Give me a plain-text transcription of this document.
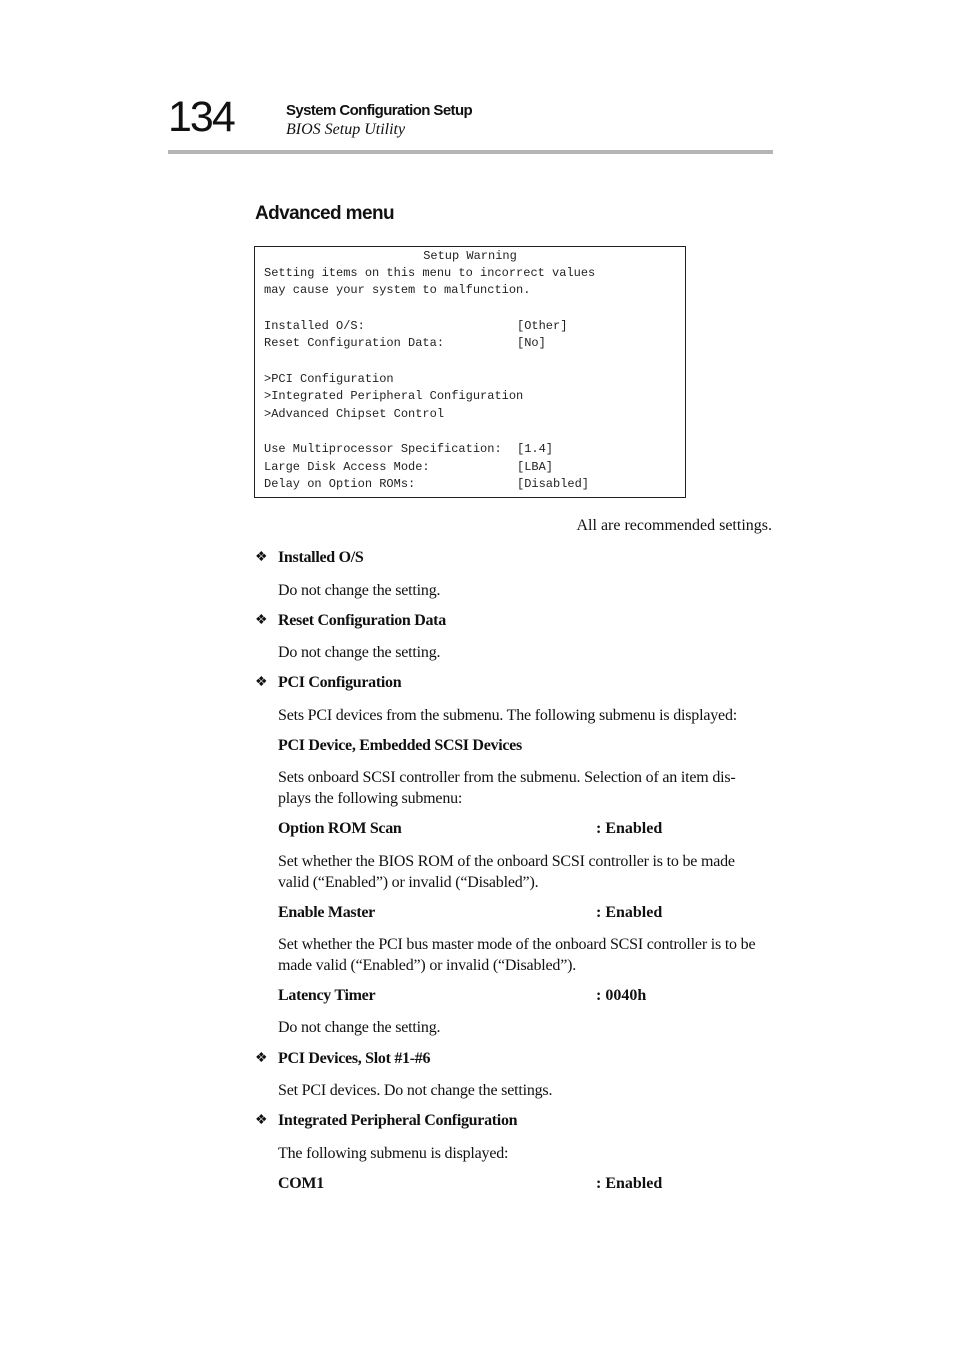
134	System Configuration Setup
BIOS Setup Utility
Advanced menu
Setup Warning
Setting items on this menu to incorrect values
may cause your system to malfunction.
Installed O/S:	[Other]
Reset Configuration Data:	[No]
>PCI Configuration
>Integrated Peripheral Configuration
>Advanced Chipset Control
Use Multiprocessor Specification: [1.4]
Large Disk Access Mode:	[LBA]
Delay on Option ROMs:	[Disabled]
All are recommended settings.
❖ Installed O/S
Do not change the setting.
❖ Reset Configuration Data
Do not change the setting.
❖ PCI Configuration
Sets PCI devices from the submenu. The following submenu is displayed:
PCI Device, Embedded SCSI Devices
Sets onboard SCSI controller from the submenu. Selection of an item dis-plays the following submenu:
Option ROM Scan	: Enabled
Set whether the BIOS ROM of the onboard SCSI controller is to be made valid (“Enabled”) or invalid (“Disabled”).
Enable Master	: Enabled
Set whether the PCI bus master mode of the onboard SCSI controller is to be made valid (“Enabled”) or invalid (“Disabled”).
Latency Timer	: 0040h
Do not change the setting.
❖ PCI Devices, Slot #1-#6
Set PCI devices. Do not change the settings.
❖ Integrated Peripheral Configuration
The following submenu is displayed:
COM1	: Enabled
